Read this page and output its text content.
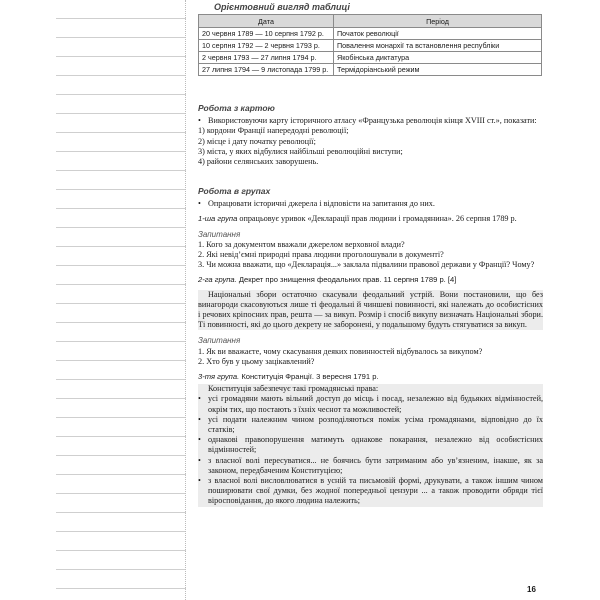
Орієнтовний вигляд таблиці
Дата	Період
20 червня 1789 — 10 серпня 1792 р.	Початок революції
10 серпня 1792 — 2 червня 1793 р.	Повалення монархії та встановлення республіки
2 червня 1793 — 27 липня 1794 р.	Якобінська диктатура
27 липня 1794 — 9 листопада 1799 р.	Термідоріанський режим
Робота з картою
• Використовуючи карту історичного атласу «Французька революція кінця XVIII ст.», показати:
1) кордони Франції напередодні революції;
2) місце і дату початку революції;
3) міста, у яких відбулися найбільші революційні виступи;
4) райони селянських заворушень.
Робота в групах
• Опрацювати історичні джерела і відповісти на запитання до них.
1-ша група опрацьовує уривок «Декларації прав людини і громадянина». 26 серпня 1789 р.
Запитання
1. Кого за документом вважали джерелом верховної влади?
2. Які невід’ємні природні права людини проголошували в документі?
3. Чи можна вважати, що «Декларація...» заклала підвалини правової держави у Франції? Чому?
2-га група. Декрет про знищення феодальних прав. 11 серпня 1789 р. [4]
Національні збори остаточно скасували феодальний устрій. Вони постановили, що без винагороди скасовуються лише ті феодальні й чиншеві повинності, які належать до особистісних і речових кріпосних прав, решта — за викуп. Розмір і спосіб викупу визначать Національні збори. Ті повинності, які до цього декрету не заборонені, у подальшому будуть стягуватися за викуп.
Запитання
1. Як ви вважаєте, чому скасування деяких повинностей відбувалось за викупом?
2. Хто був у цьому зацікавлений?
3-тя група. Конституція Франції. 3 вересня 1791 р.
Конституція забезпечує такі громадянські права:
• усі громадяни мають вільний доступ до місць і посад, незалежно від будьяких відмінностей, окрім тих, що постають з їхніх чеснот та можливостей;
• усі подати належним чином розподіляються поміж усіма громадянами, відповідно до їх статків;
• однакові правопорушення матимуть однакове покарання, незалежно від особистісних відмінностей;
• з власної волі пересуватися... не боячись бути затриманим або ув’язненим, інакше, як за законом, передбаченим Конституцією;
• з власної волі висловлюватися в усній та письмовій формі, друкувати, а також іншим чином поширювати свої думки, без жодної попередньої цензури ... а також проводити обряди тієї віросповідання, до якого людина належить;
16
